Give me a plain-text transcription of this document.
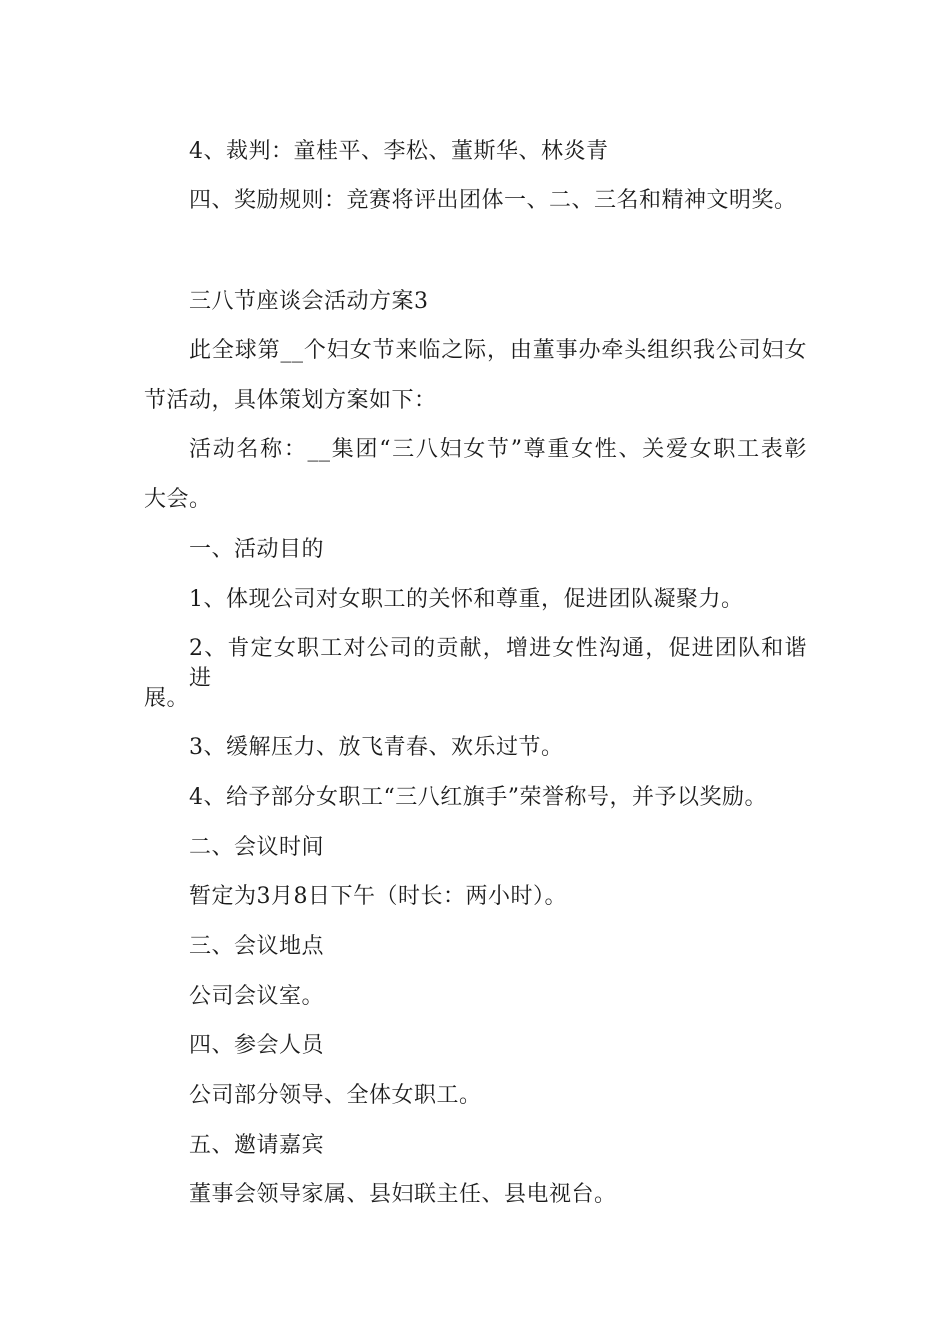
4、裁判：童桂平、李松、董斯华、林炎青
四、奖励规则：竞赛将评出团体一、二、三名和精神文明奖。
三八节座谈会活动方案3
此全球第__个妇女节来临之际，由董事办牵头组织我公司妇女
节活动，具体策划方案如下：
活动名称：__集团“三八妇女节”尊重女性、关爱女职工表彰
大会。
一、活动目的
1、体现公司对女职工的关怀和尊重，促进团队凝聚力。
2、肯定女职工对公司的贡献，增进女性沟通，促进团队和谐进
展。
3、缓解压力、放飞青春、欢乐过节。
4、给予部分女职工“三八红旗手”荣誉称号，并予以奖励。
二、会议时间
暂定为3月8日下午（时长：两小时）。
三、会议地点
公司会议室。
四、参会人员
公司部分领导、全体女职工。
五、邀请嘉宾
董事会领导家属、县妇联主任、县电视台。
